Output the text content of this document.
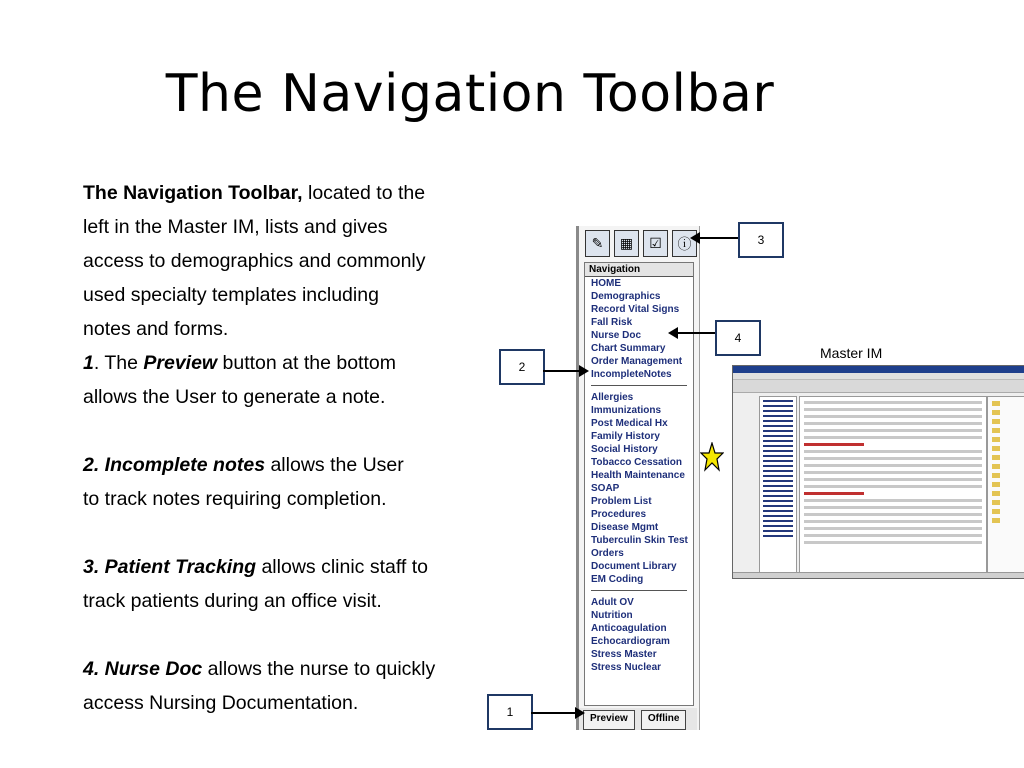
The Navigation Toolbar

The Navigation Toolbar, located to the

left in the Master IM, lists and gives

access to demographics and commonly

used specialty templates including

notes and forms.

1. The Preview button at the bottom

allows the User to generate a note.

2. Incomplete notes allows the User

to track notes requiring completion.

3. Patient Tracking allows clinic staff to

track patients during an office visit.

4. Nurse Doc allows the nurse to quickly

access Nursing Documentation.

✎	▦	☑	ⓘ
Navigation
HOME
Demographics
Record Vital Signs
Fall Risk
Nurse Doc
Chart Summary
Order Management
IncompleteNotes
Allergies
Immunizations
Post Medical Hx
Family History
Social History
Tobacco Cessation
Health Maintenance
SOAP
Problem List
Procedures
Disease Mgmt
Tuberculin Skin Test
Orders
Document Library
EM Coding
Adult OV
Nutrition
Anticoagulation
Echocardiogram
Stress Master
Stress Nuclear
Preview	Offline
3
4
2
1
Master IM
